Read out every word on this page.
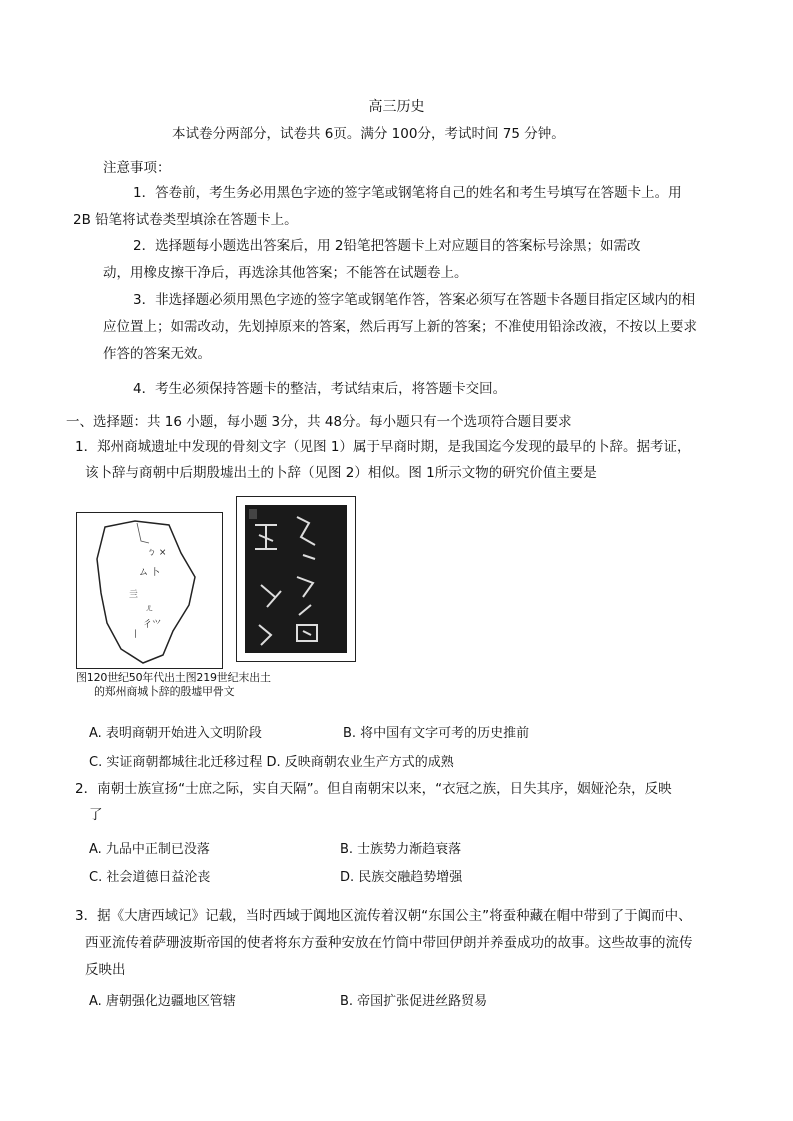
高三历史
本试卷分两部分，试卷共 6页。满分 100分，考试时间 75 分钟。
注意事项：
1．答卷前，考生务必用黑色字迹的签字笔或钢笔将自己的姓名和考生号填写在答题卡上。用
2B 铅笔将试卷类型填涂在答题卡上。
2．选择题每小题选出答案后，用 2铅笔把答题卡上对应题目的答案标号涂黑；如需改
动，用橡皮擦干净后，再选涂其他答案；不能答在试题卷上。
3．非选择题必须用黑色字迹的签字笔或钢笔作答，答案必须写在答题卡各题目指定区域内的相
应位置上；如需改动，先划掉原来的答案，然后再写上新的答案；不准使用铅涂改液，不按以上要求
作答的答案无效。
4．考生必须保持答题卡的整洁，考试结束后，将答题卡交回。
一、选择题：共 16 小题，每小题 3分，共 48分。每小题只有一个选项符合题目要求
1．郑州商城遗址中发现的骨刻文字（见图 1）属于早商时期，是我国迄今发现的最早的卜辞。据考证，
该卜辞与商朝中后期殷墟出土的卜辞（见图 2）相似。图 1所示文物的研究价值主要是
ㄅ ×
ム 卜
亖
ㄦ
彳⺍
丨
图120世纪50年代出土图219世纪末出土
的郑州商城卜辞的殷墟甲骨文
A. 表明商朝开始进入文明阶段	B. 将中国有文字可考的历史推前
C. 实证商朝都城往北迁移过程 D. 反映商朝农业生产方式的成熟
2．南朝士族宣扬“士庶之际，实自天隔”。但自南朝宋以来，“衣冠之族，日失其序，姻娅沦杂，反映
了
A. 九品中正制已没落	B. 士族势力渐趋衰落
C. 社会道德日益沦丧	D. 民族交融趋势增强
3．据《大唐西域记》记载，当时西域于阗地区流传着汉朝“东国公主”将蚕种藏在帽中带到了于阗而中、
西亚流传着萨珊波斯帝国的使者将东方蚕种安放在竹筒中带回伊朗并养蚕成功的故事。这些故事的流传
反映出
A. 唐朝强化边疆地区管辖	B. 帝国扩张促进丝路贸易
